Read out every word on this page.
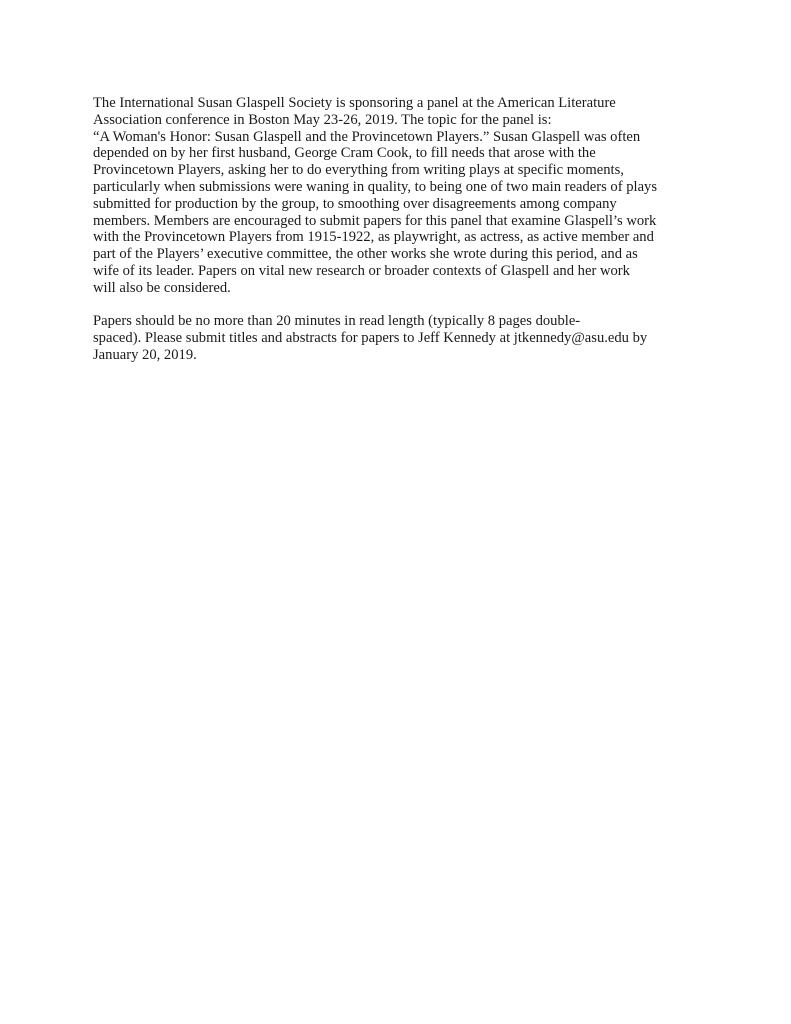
The International Susan Glaspell Society is sponsoring a panel at the American Literature
Association conference in Boston May 23-26, 2019. The topic for the panel is:
“A Woman's Honor: Susan Glaspell and the Provincetown Players.” Susan Glaspell was often
depended on by her first husband, George Cram Cook, to fill needs that arose with the
Provincetown Players, asking her to do everything from writing plays at specific moments,
particularly when submissions were waning in quality, to being one of two main readers of plays
submitted for production by the group, to smoothing over disagreements among company
members. Members are encouraged to submit papers for this panel that examine Glaspell’s work
with the Provincetown Players from 1915-1922, as playwright, as actress, as active member and
part of the Players’ executive committee, the other works she wrote during this period, and as
wife of its leader. Papers on vital new research or broader contexts of Glaspell and her work
will also be considered.
Papers should be no more than 20 minutes in read length (typically 8 pages double-
spaced). Please submit titles and abstracts for papers to Jeff Kennedy at jtkennedy@asu.edu by
January 20, 2019.
